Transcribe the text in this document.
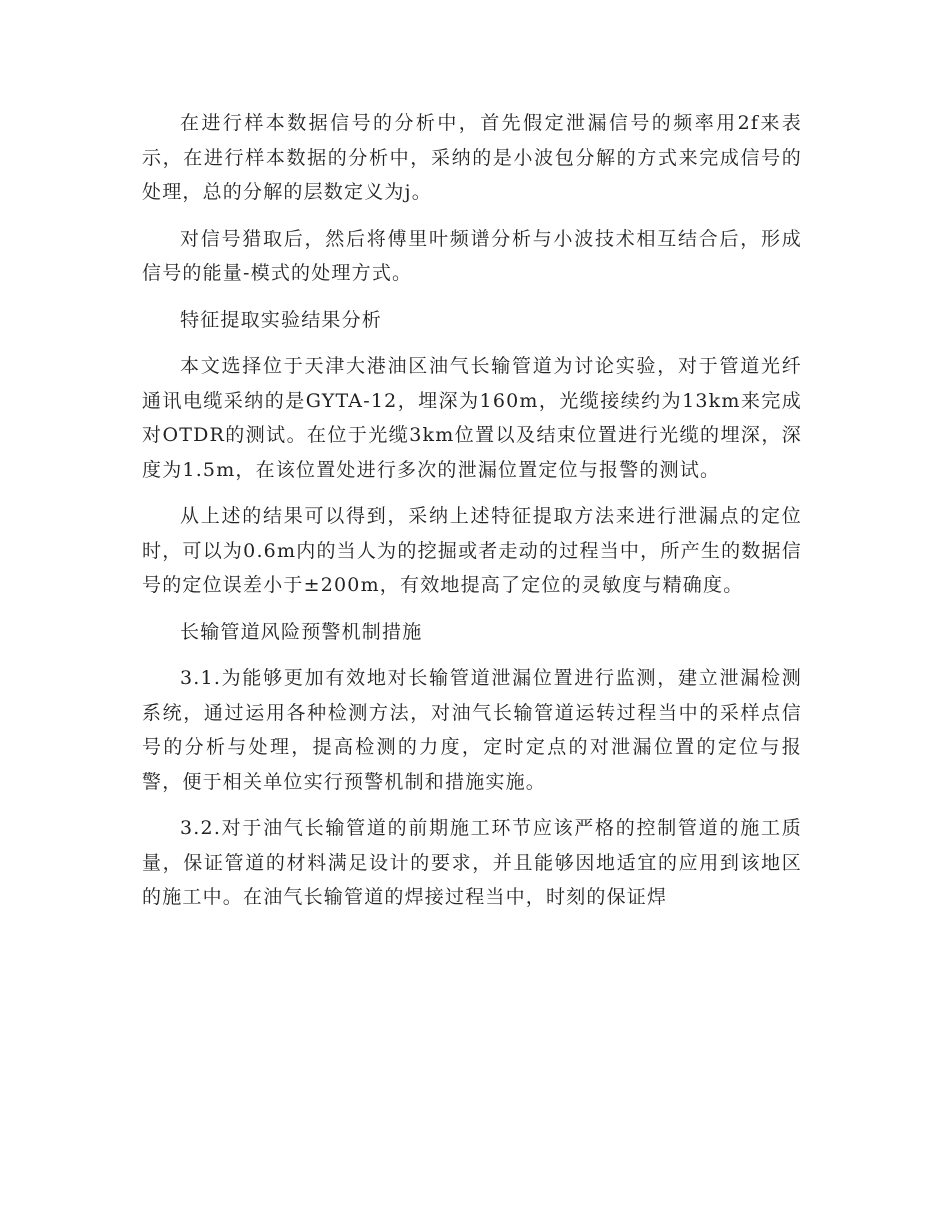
在进行样本数据信号的分析中，首先假定泄漏信号的频率用2f来表示，在进行样本数据的分析中，采纳的是小波包分解的方式来完成信号的处理，总的分解的层数定义为j。

对信号猎取后，然后将傅里叶频谱分析与小波技术相互结合后，形成信号的能量-模式的处理方式。

特征提取实验结果分析

本文选择位于天津大港油区油气长输管道为讨论实验，对于管道光纤通讯电缆采纳的是GYTA-12，埋深为160m，光缆接续约为13km来完成对OTDR的测试。在位于光缆3km位置以及结束位置进行光缆的埋深，深度为1.5m，在该位置处进行多次的泄漏位置定位与报警的测试。

从上述的结果可以得到，采纳上述特征提取方法来进行泄漏点的定位时，可以为0.6m内的当人为的挖掘或者走动的过程当中，所产生的数据信号的定位误差小于±200m，有效地提高了定位的灵敏度与精确度。

长输管道风险预警机制措施

3.1.为能够更加有效地对长输管道泄漏位置进行监测，建立泄漏检测系统，通过运用各种检测方法，对油气长输管道运转过程当中的采样点信号的分析与处理，提高检测的力度，定时定点的对泄漏位置的定位与报警，便于相关单位实行预警机制和措施实施。

3.2.对于油气长输管道的前期施工环节应该严格的控制管道的施工质量，保证管道的材料满足设计的要求，并且能够因地适宜的应用到该地区的施工中。在油气长输管道的焊接过程当中，时刻的保证焊
